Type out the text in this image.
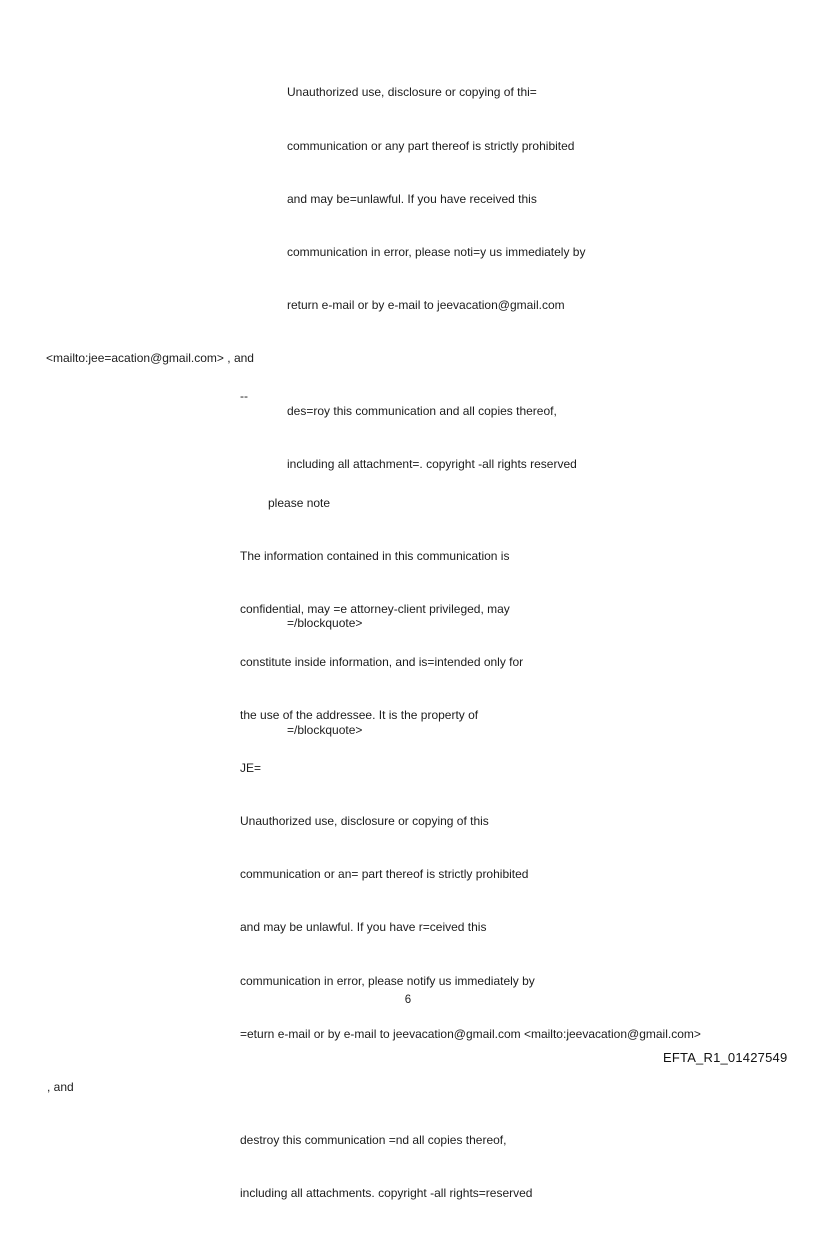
Unauthorized use, disclosure or copying of thi=

communication or any part thereof is strictly prohibited

and may be=unlawful. If you have received this

communication in error, please noti=y us immediately by

return e-mail or by e-mail to jeevacation@gmail.com

<mailto:jee=acation@gmail.com> , and

des=roy this communication and all copies thereof,

including all attachment=. copyright -all rights reserved

=/blockquote>

=/blockquote>

--

please note

The information contained in this communication is

confidential, may =e attorney-client privileged, may

constitute inside information, and is=intended only for

the use of the addressee. It is the property of

JE=

Unauthorized use, disclosure or copying of this

communication or an= part thereof is strictly prohibited

and may be unlawful. If you have r=ceived this

communication in error, please notify us immediately by

=eturn e-mail or by e-mail to jeevacation@gmail.com <mailto:jeevacation@gmail.com>

, and

destroy this communication =nd all copies thereof,

including all attachments. copyright -all rights=reserved

6
EFTA_R1_01427549
